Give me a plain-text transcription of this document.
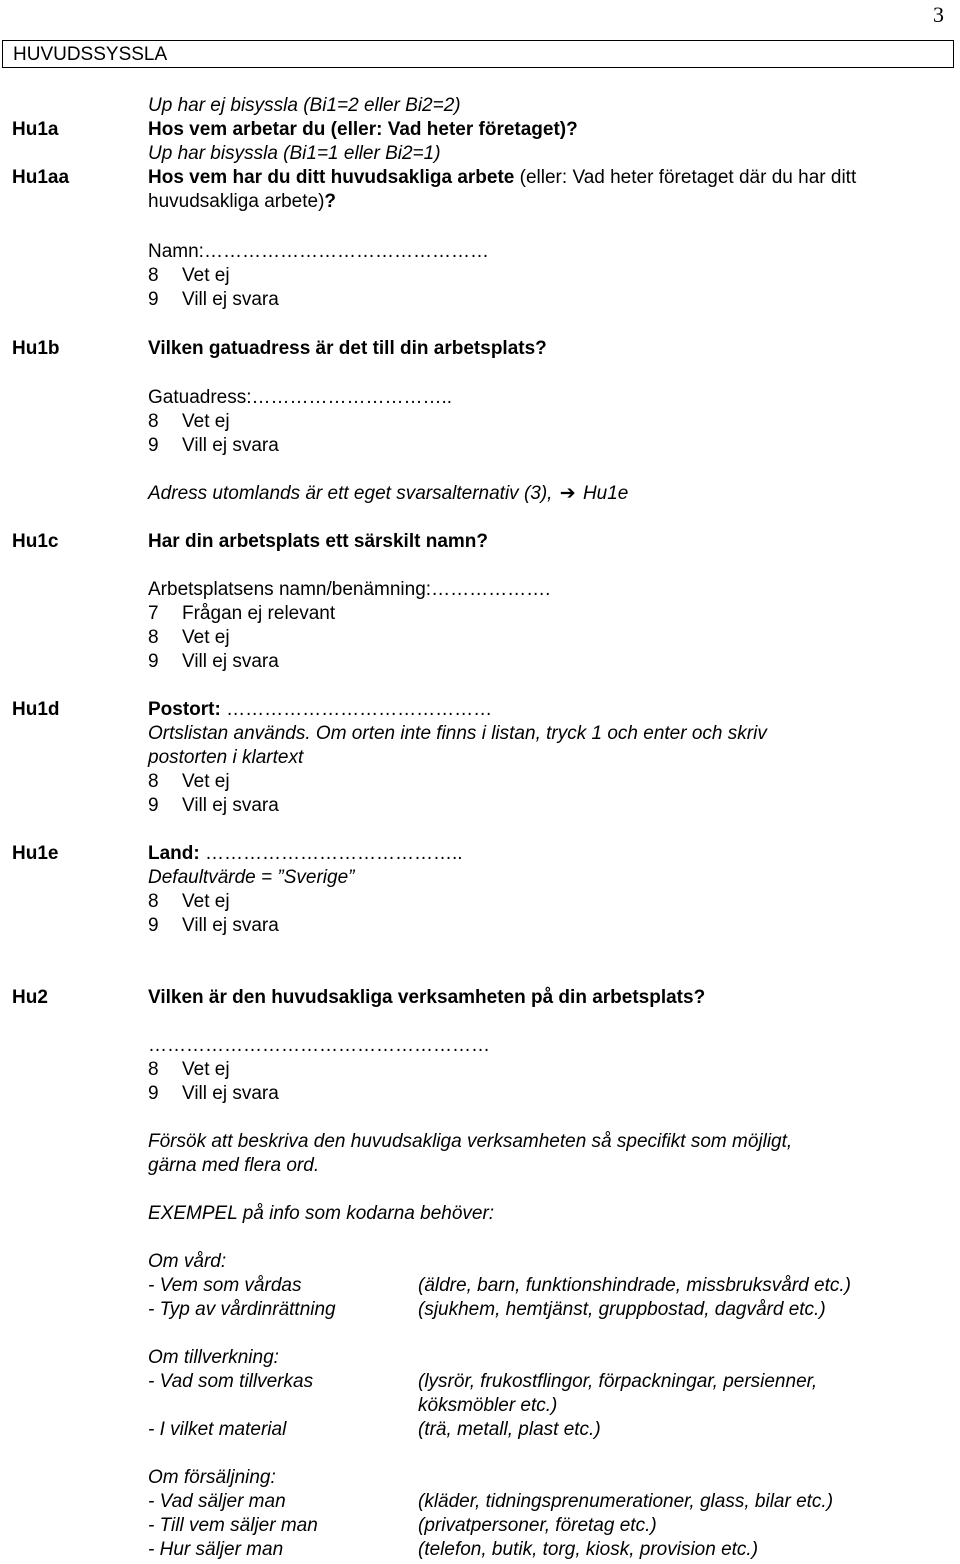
3
HUVUDSSYSSLA
Up har ej bisyssla (Bi1=2 eller Bi2=2)
Hu1a	Hos vem arbetar du (eller: Vad heter företaget)?
Up har bisyssla (Bi1=1 eller Bi2=1)
Hu1aa	Hos vem har du ditt huvudsakliga arbete (eller: Vad heter företaget där du har ditt
huvudsakliga arbete)?
Namn:………………………………………
8 Vet ej
9 Vill ej svara
Hu1b	Vilken gatuadress är det till din arbetsplats?
Gatuadress:…………………………..
8 Vet ej
9 Vill ej svara
Adress utomlands är ett eget svarsalternativ (3), ➔ Hu1e
Hu1c	Har din arbetsplats ett särskilt namn?
Arbetsplatsens namn/benämning:……………….
7 Frågan ej relevant
8 Vet ej
9 Vill ej svara
Hu1d	Postort: ……………………………………
Ortslistan används. Om orten inte finns i listan, tryck 1 och enter och skriv
postorten i klartext
8 Vet ej
9 Vill ej svara
Hu1e	Land: …………………………………..
Defaultvärde = ”Sverige”
8 Vet ej
9 Vill ej svara
Hu2	Vilken är den huvudsakliga verksamheten på din arbetsplats?
………………………………………………
8 Vet ej
9 Vill ej svara
Försök att beskriva den huvudsakliga verksamheten så specifikt som möjligt,
gärna med flera ord.
EXEMPEL på info som kodarna behöver:
Om vård:
- Vem som vårdas	(äldre, barn, funktionshindrade, missbruksvård etc.)
- Typ av vårdinrättning	(sjukhem, hemtjänst, gruppbostad, dagvård etc.)
Om tillverkning:
- Vad som tillverkas	(lysrör, frukostflingor, förpackningar, persienner,
köksmöbler etc.)
- I vilket material	(trä, metall, plast etc.)
Om försäljning:
- Vad säljer man	(kläder, tidningsprenumerationer, glass, bilar etc.)
- Till vem säljer man	(privatpersoner, företag etc.)
- Hur säljer man	(telefon, butik, torg, kiosk, provision etc.)
